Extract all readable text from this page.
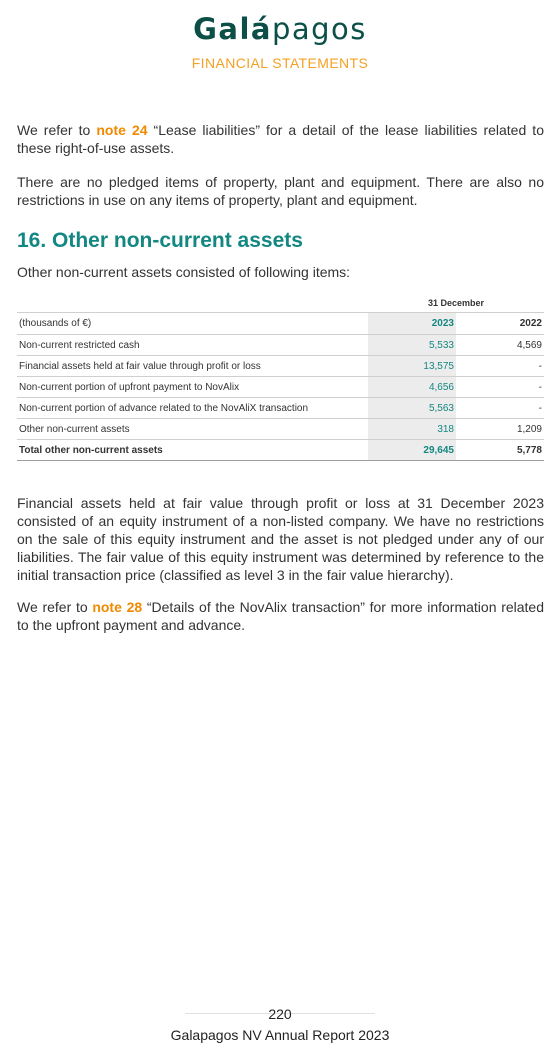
Galápagos
FINANCIAL STATEMENTS

We refer to note 24 “Lease liabilities” for a detail of the lease liabilities related to these right-of-use assets.

There are no pledged items of property, plant and equipment. There are also no restrictions in use on any items of property, plant and equipment.

16. Other non-current assets
Other non-current assets consisted of following items:
	31 December	
(thousands of €)	2023	2022
Non-current restricted cash	5,533	4,569
Financial assets held at fair value through profit or loss	13,575	-
Non-current portion of upfront payment to NovAlix	4,656	-
Non-current portion of advance related to the NovAliX transaction	5,563	-
Other non-current assets	318	1,209
Total other non-current assets	29,645	5,778

Financial assets held at fair value through profit or loss at 31 December 2023 consisted of an equity instrument of a non-listed company. We have no restrictions on the sale of this equity instrument and the asset is not pledged under any of our liabilities. The fair value of this equity instrument was determined by reference to the initial transaction price (classified as level 3 in the fair value hierarchy).

We refer to note 28 “Details of the NovAlix transaction” for more information related to the upfront payment and advance.

220
Galapagos NV Annual Report 2023
